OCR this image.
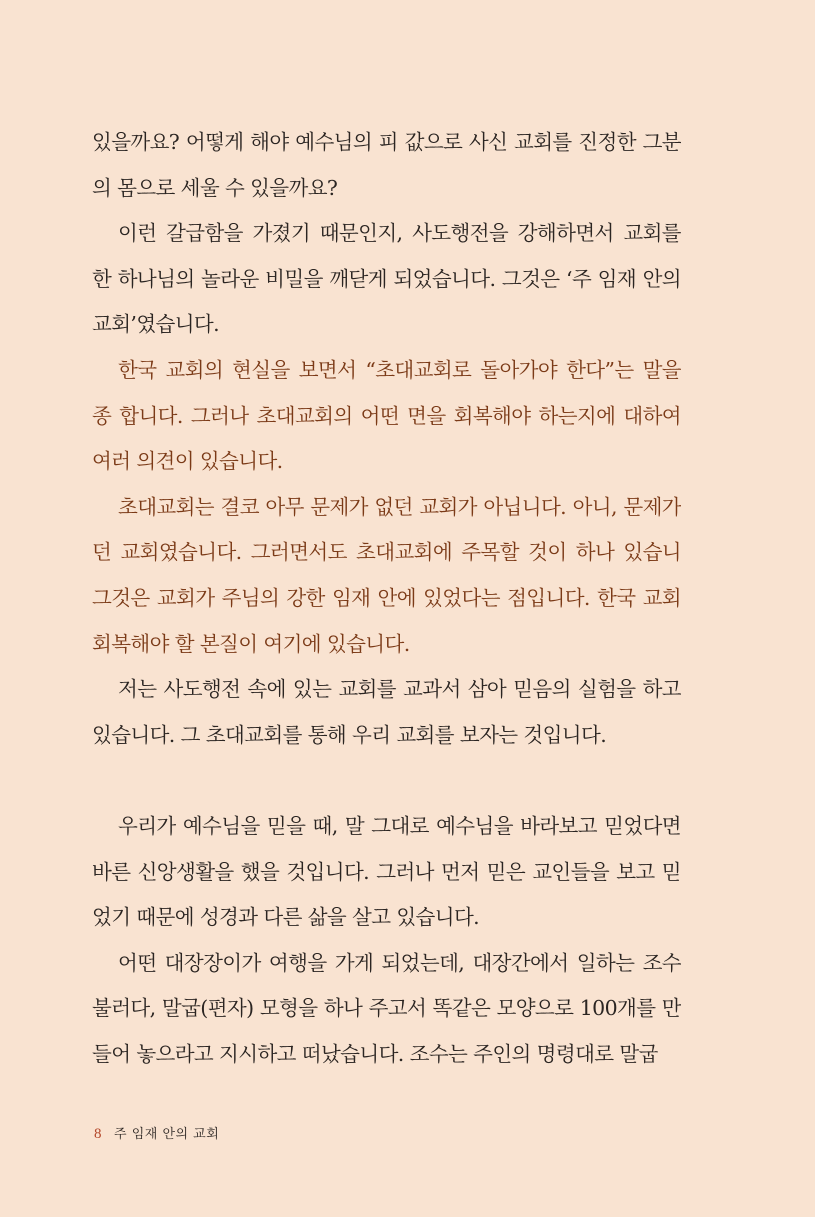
있을까요? 어떻게 해야 예수님의 피 값으로 사신 교회를 진정한 그분
의 몸으로 세울 수 있을까요?
이런 갈급함을 가졌기 때문인지, 사도행전을 강해하면서 교회를
한 하나님의 놀라운 비밀을 깨닫게 되었습니다. 그것은 ‘주 임재 안의
교회’였습니다.
한국 교회의 현실을 보면서 “초대교회로 돌아가야 한다”는 말을
종 합니다. 그러나 초대교회의 어떤 면을 회복해야 하는지에 대하여
여러 의견이 있습니다.
초대교회는 결코 아무 문제가 없던 교회가 아닙니다. 아니, 문제가
던 교회였습니다. 그러면서도 초대교회에 주목할 것이 하나 있습니
그것은 교회가 주님의 강한 임재 안에 있었다는 점입니다. 한국 교회
회복해야 할 본질이 여기에 있습니다.
저는 사도행전 속에 있는 교회를 교과서 삼아 믿음의 실험을 하고
있습니다. 그 초대교회를 통해 우리 교회를 보자는 것입니다.
우리가 예수님을 믿을 때, 말 그대로 예수님을 바라보고 믿었다면
바른 신앙생활을 했을 것입니다. 그러나 먼저 믿은 교인들을 보고 믿
었기 때문에 성경과 다른 삶을 살고 있습니다.
어떤 대장장이가 여행을 가게 되었는데, 대장간에서 일하는 조수
불러다, 말굽(편자) 모형을 하나 주고서 똑같은 모양으로 100개를 만
들어 놓으라고 지시하고 떠났습니다. 조수는 주인의 명령대로 말굽
8 주 임재 안의 교회
